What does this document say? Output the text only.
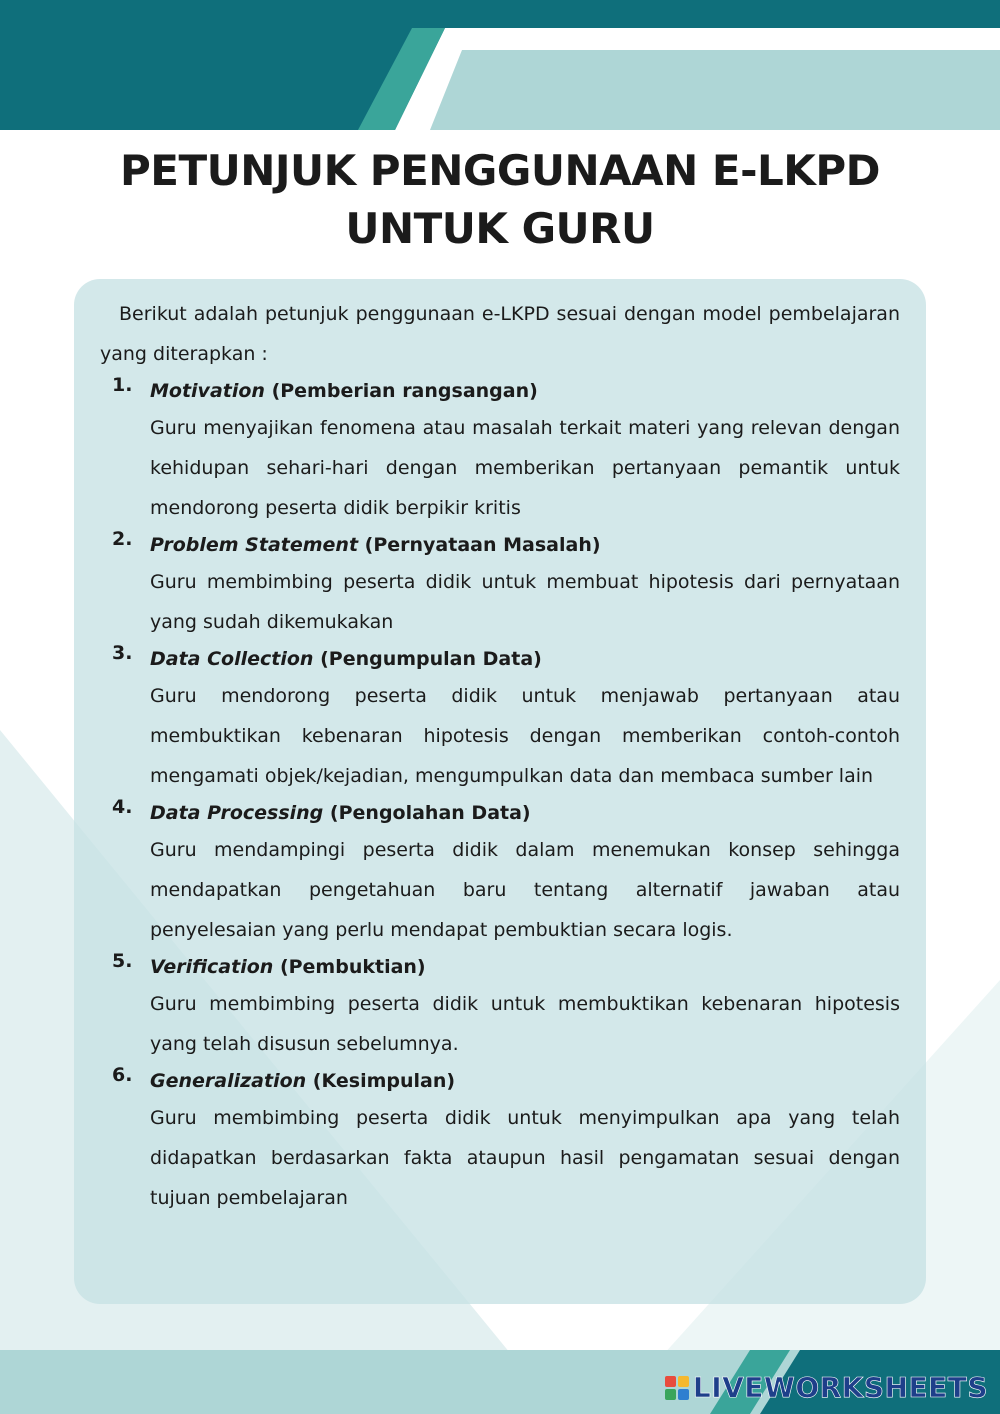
PETUNJUK PENGGUNAAN E-LKPD
UNTUK GURU

Berikut adalah petunjuk penggunaan e-LKPD sesuai dengan model pembelajaran yang diterapkan :

1. Motivation (Pemberian rangsangan)

Guru menyajikan fenomena atau masalah terkait materi yang relevan dengan kehidupan sehari-hari dengan memberikan pertanyaan pemantik untuk mendorong peserta didik berpikir kritis

2. Problem Statement (Pernyataan Masalah)

Guru membimbing peserta didik untuk membuat hipotesis dari pernyataan yang sudah dikemukakan

3. Data Collection (Pengumpulan Data)

Guru mendorong peserta didik untuk menjawab pertanyaan atau membuktikan kebenaran hipotesis dengan memberikan contoh-contoh mengamati objek/kejadian, mengumpulkan data dan membaca sumber lain

4. Data Processing (Pengolahan Data)

Guru mendampingi peserta didik dalam menemukan konsep sehingga mendapatkan pengetahuan baru tentang alternatif jawaban atau penyelesaian yang perlu mendapat pembuktian secara logis.

5. Verification (Pembuktian)

Guru membimbing peserta didik untuk membuktikan kebenaran hipotesis yang telah disusun sebelumnya.

6. Generalization (Kesimpulan)

Guru membimbing peserta didik untuk menyimpulkan apa yang telah didapatkan berdasarkan fakta ataupun hasil pengamatan sesuai dengan tujuan pembelajaran

LIVEWORKSHEETS
